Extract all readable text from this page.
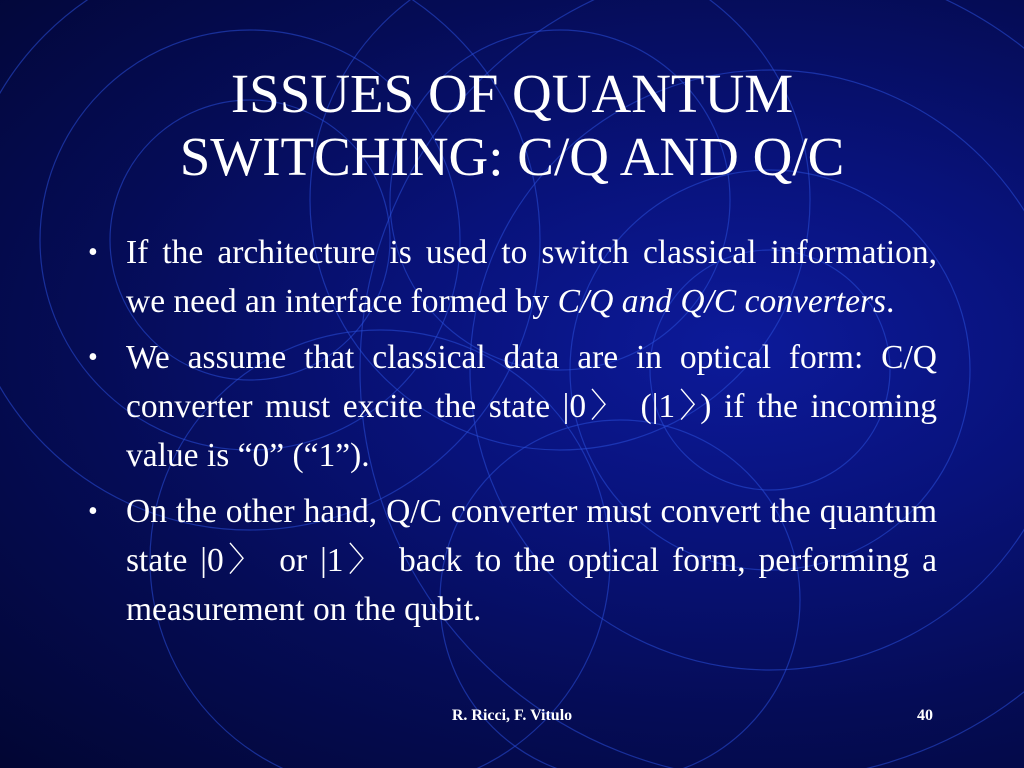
ISSUES OF QUANTUM
SWITCHING: C/Q AND Q/C
• If the architecture is used to switch classical information, we need an interface formed by C/Q and Q/C converters.
• We assume that classical data are in optical form: C/Q converter must excite the state |0〉 (|1〉) if the incoming value is “0” (“1”).
• On the other hand, Q/C converter must convert the quantum state |0〉 or |1〉 back to the optical form, performing a measurement on the qubit.
R. Ricci, F. Vitulo	40
